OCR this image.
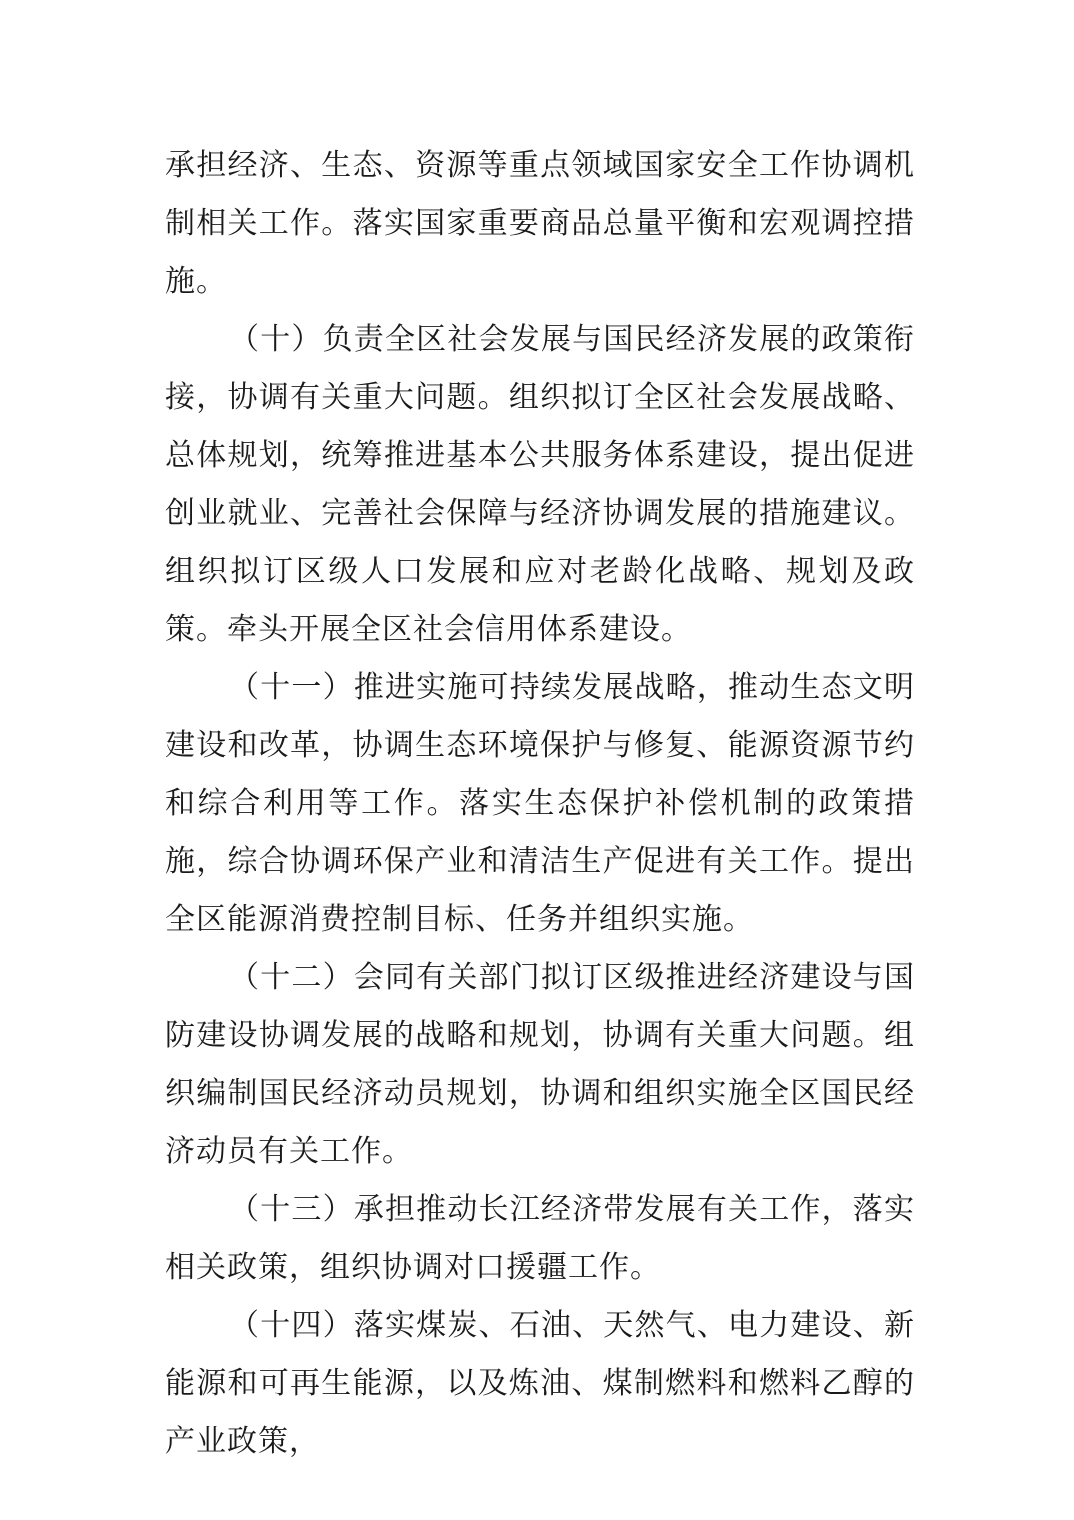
承担经济、生态、资源等重点领域国家安全工作协调机制相关工作。落实国家重要商品总量平衡和宏观调控措施。

（十）负责全区社会发展与国民经济发展的政策衔接，协调有关重大问题。组织拟订全区社会发展战略、总体规划，统筹推进基本公共服务体系建设，提出促进创业就业、完善社会保障与经济协调发展的措施建议。组织拟订区级人口发展和应对老龄化战略、规划及政策。牵头开展全区社会信用体系建设。

（十一）推进实施可持续发展战略，推动生态文明建设和改革，协调生态环境保护与修复、能源资源节约和综合利用等工作。落实生态保护补偿机制的政策措施，综合协调环保产业和清洁生产促进有关工作。提出全区能源消费控制目标、任务并组织实施。

（十二）会同有关部门拟订区级推进经济建设与国防建设协调发展的战略和规划，协调有关重大问题。组织编制国民经济动员规划，协调和组织实施全区国民经济动员有关工作。

（十三）承担推动长江经济带发展有关工作，落实相关政策，组织协调对口援疆工作。

（十四）落实煤炭、石油、天然气、电力建设、新能源和可再生能源，以及炼油、煤制燃料和燃料乙醇的产业政策，
